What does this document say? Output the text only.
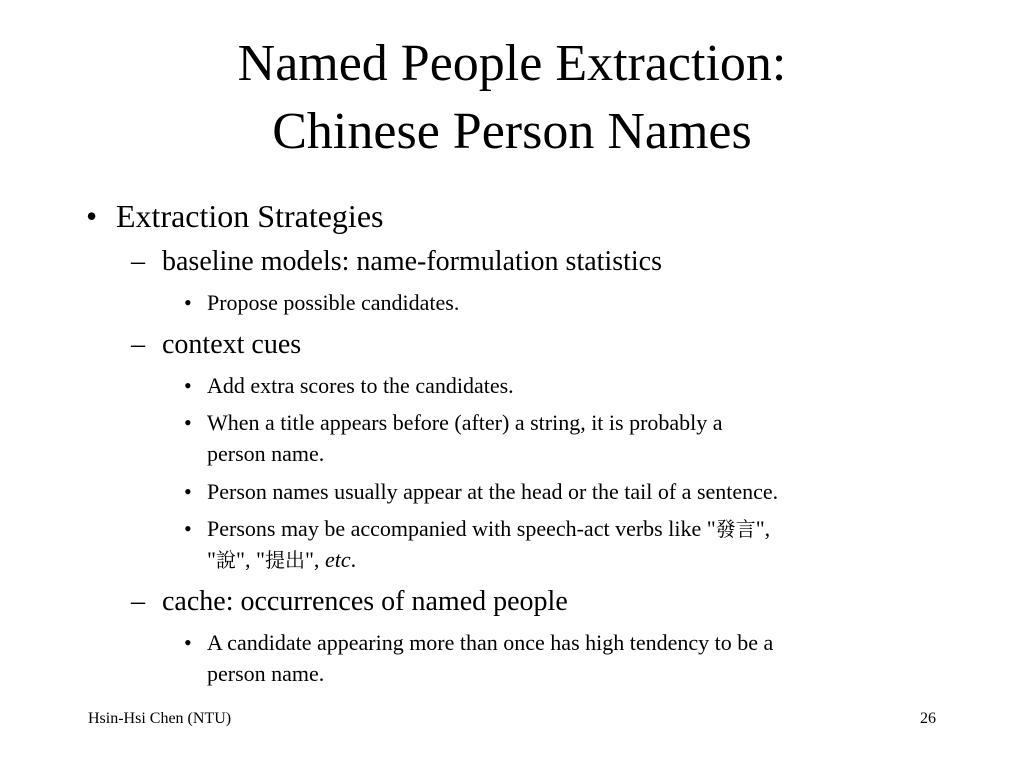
Named People Extraction:
Chinese Person Names
• Extraction Strategies
– baseline models: name-formulation statistics
• Propose possible candidates.
– context cues
• Add extra scores to the candidates.
• When a title appears before (after) a string, it is probably a
person name.
• Person names usually appear at the head or the tail of a sentence.
• Persons may be accompanied with speech-act verbs like "發言",
"說", "提出", etc.
– cache: occurrences of named people
• A candidate appearing more than once has high tendency to be a
person name.
Hsin-Hsi Chen (NTU)	26
